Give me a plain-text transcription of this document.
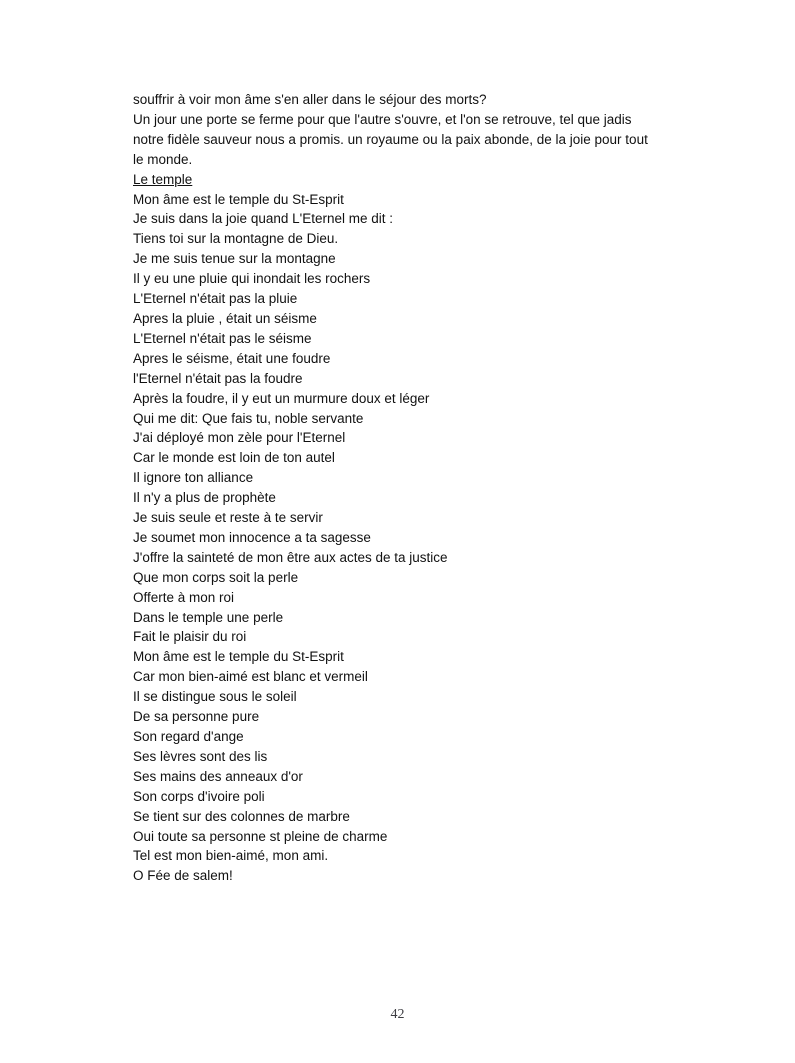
souffrir à voir mon âme s'en aller dans le séjour des morts?
Un jour une porte se ferme pour que l'autre s'ouvre, et l'on se retrouve, tel que jadis
notre fidèle sauveur nous a promis. un royaume ou la paix abonde, de la joie pour tout
le monde.
Le temple
Mon âme est le temple du St-Esprit
Je suis dans la joie quand L'Eternel me dit :
Tiens toi sur la montagne de Dieu.
Je me suis tenue sur la montagne
Il y eu une pluie qui inondait les rochers
L'Eternel n'était pas la pluie
Apres la pluie , était un séisme
L'Eternel n'était pas le séisme
Apres le séisme, était une foudre
l'Eternel n'était pas la foudre
Après la foudre, il y eut un murmure doux et léger
Qui me dit: Que fais tu, noble servante
J'ai déployé mon zèle pour l'Eternel
Car le monde est loin de ton autel
Il ignore ton alliance
Il n'y a plus de prophète
Je suis seule et reste à te servir
Je soumet mon innocence a ta sagesse
J'offre la sainteté de mon être aux actes de ta justice
Que mon corps soit la perle
Offerte à mon roi
Dans le temple une perle
Fait le plaisir du roi
Mon âme est le temple du St-Esprit
Car mon bien-aimé est blanc et vermeil
Il se distingue sous le soleil
De sa personne pure
Son regard d'ange
Ses lèvres sont des lis
Ses mains des anneaux d'or
Son corps d'ivoire poli
Se tient sur des colonnes de marbre
Oui toute sa personne st pleine de charme
Tel est mon bien-aimé, mon ami.
O Fée de salem!
42
